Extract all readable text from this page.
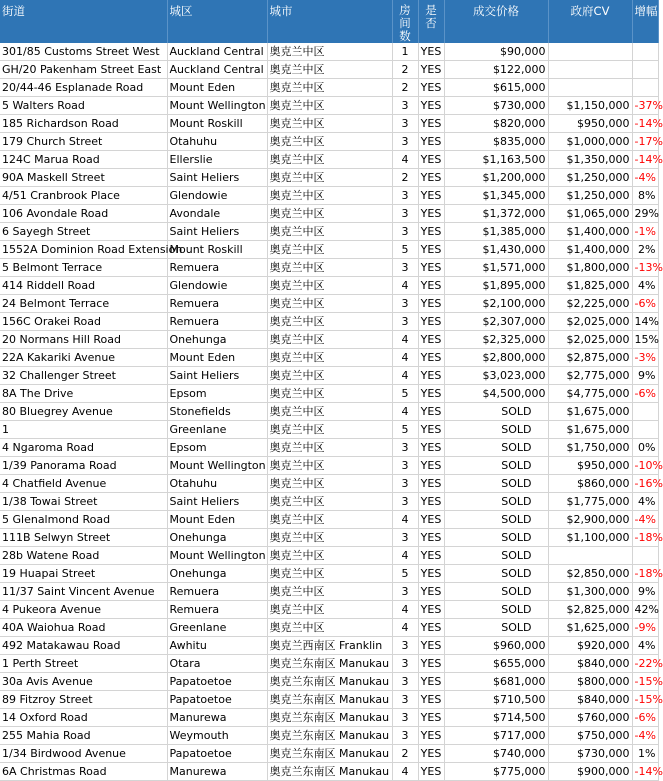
街道	城区	城市	房间数	是否	成交价格	政府CV	增幅

301/85 Customs Street West	Auckland Central	奥克兰中区	1	YES	$90,000		
GH/20 Pakenham Street East	Auckland Central	奥克兰中区	2	YES	$122,000		
20/44-46 Esplanade Road	Mount Eden	奥克兰中区	2	YES	$615,000		
5 Walters Road	Mount Wellington	奥克兰中区	3	YES	$730,000	$1,150,000	-37%
185 Richardson Road	Mount Roskill	奥克兰中区	3	YES	$820,000	$950,000	-14%
179 Church Street	Otahuhu	奥克兰中区	3	YES	$835,000	$1,000,000	-17%
124C Marua Road	Ellerslie	奥克兰中区	4	YES	$1,163,500	$1,350,000	-14%
90A Maskell Street	Saint Heliers	奥克兰中区	2	YES	$1,200,000	$1,250,000	-4%
4/51 Cranbrook Place	Glendowie	奥克兰中区	3	YES	$1,345,000	$1,250,000	8%
106 Avondale Road	Avondale	奥克兰中区	3	YES	$1,372,000	$1,065,000	29%
6 Sayegh Street	Saint Heliers	奥克兰中区	3	YES	$1,385,000	$1,400,000	-1%
1552A Dominion Road Extension	Mount Roskill	奥克兰中区	5	YES	$1,430,000	$1,400,000	2%
5 Belmont Terrace	Remuera	奥克兰中区	3	YES	$1,571,000	$1,800,000	-13%
414 Riddell Road	Glendowie	奥克兰中区	4	YES	$1,895,000	$1,825,000	4%
24 Belmont Terrace	Remuera	奥克兰中区	3	YES	$2,100,000	$2,225,000	-6%
156C Orakei Road	Remuera	奥克兰中区	3	YES	$2,307,000	$2,025,000	14%
20 Normans Hill Road	Onehunga	奥克兰中区	4	YES	$2,325,000	$2,025,000	15%
22A Kakariki Avenue	Mount Eden	奥克兰中区	4	YES	$2,800,000	$2,875,000	-3%
32 Challenger Street	Saint Heliers	奥克兰中区	4	YES	$3,023,000	$2,775,000	9%
8A The Drive	Epsom	奥克兰中区	5	YES	$4,500,000	$4,775,000	-6%
80 Bluegrey Avenue	Stonefields	奥克兰中区	4	YES	SOLD	$1,675,000	
1	Greenlane	奥克兰中区	5	YES	SOLD	$1,675,000	
4 Ngaroma Road	Epsom	奥克兰中区	3	YES	SOLD	$1,750,000	0%
1/39 Panorama Road	Mount Wellington	奥克兰中区	3	YES	SOLD	$950,000	-10%
4 Chatfield Avenue	Otahuhu	奥克兰中区	3	YES	SOLD	$860,000	-16%
1/38 Towai Street	Saint Heliers	奥克兰中区	3	YES	SOLD	$1,775,000	4%
5 Glenalmond Road	Mount Eden	奥克兰中区	4	YES	SOLD	$2,900,000	-4%
111B Selwyn Street	Onehunga	奥克兰中区	3	YES	SOLD	$1,100,000	-18%
28b Watene Road	Mount Wellington	奥克兰中区	4	YES	SOLD		
19 Huapai Street	Onehunga	奥克兰中区	5	YES	SOLD	$2,850,000	-18%
11/37 Saint Vincent Avenue	Remuera	奥克兰中区	3	YES	SOLD	$1,300,000	9%
4 Pukeora Avenue	Remuera	奥克兰中区	4	YES	SOLD	$2,825,000	42%
40A Waiohua Road	Greenlane	奥克兰中区	4	YES	SOLD	$1,625,000	-9%
492 Matakawau Road	Awhitu	奥克兰西南区 Franklin	3	YES	$960,000	$920,000	4%
1 Perth Street	Otara	奥克兰东南区 Manukau	3	YES	$655,000	$840,000	-22%
30a Avis Avenue	Papatoetoe	奥克兰东南区 Manukau	3	YES	$681,000	$800,000	-15%
89 Fitzroy Street	Papatoetoe	奥克兰东南区 Manukau	3	YES	$710,500	$840,000	-15%
14 Oxford Road	Manurewa	奥克兰东南区 Manukau	3	YES	$714,500	$760,000	-6%
255 Mahia Road	Weymouth	奥克兰东南区 Manukau	3	YES	$717,000	$750,000	-4%
1/34 Birdwood Avenue	Papatoetoe	奥克兰东南区 Manukau	2	YES	$740,000	$730,000	1%
6A Christmas Road	Manurewa	奥克兰东南区 Manukau	4	YES	$775,000	$900,000	-14%
